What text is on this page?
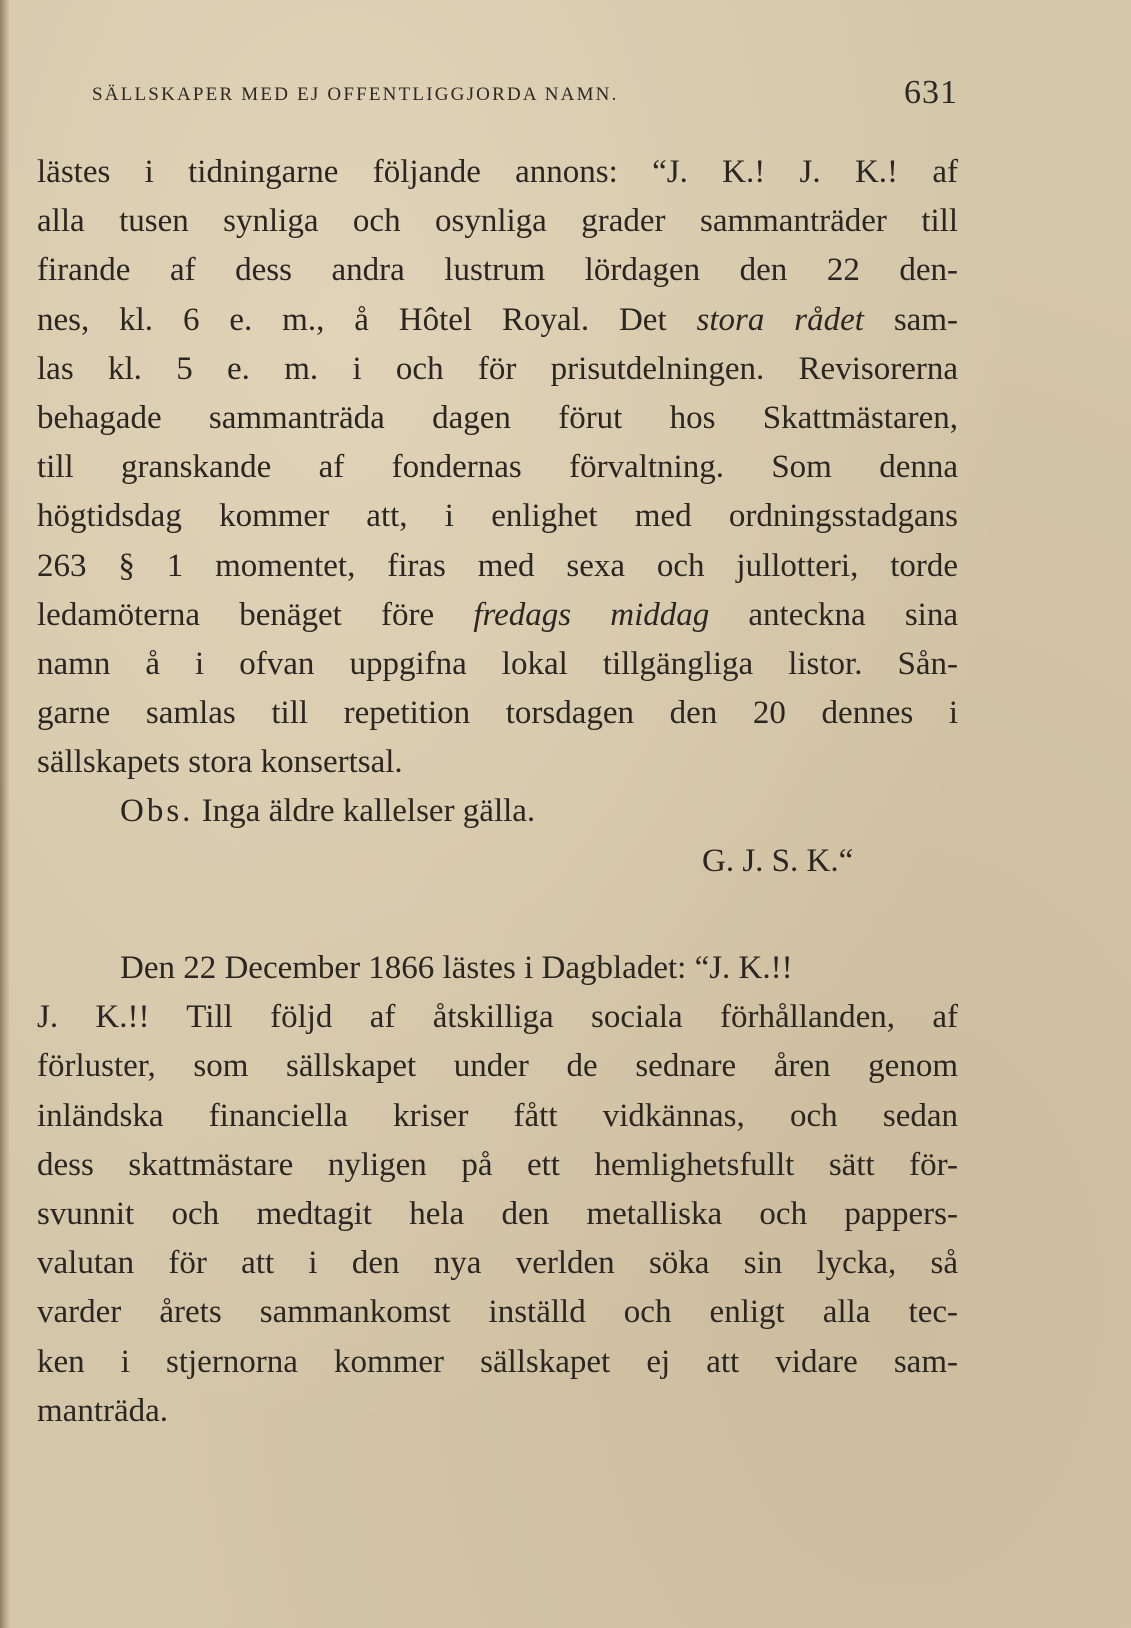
SÄLLSKAPER MED EJ OFFENTLIGGJORDA NAMN.	631
lästes i tidningarne följande annons: “J. K.! J. K.! af
alla tusen synliga och osynliga grader sammanträder till
firande af dess andra lustrum lördagen den 22 den-
nes, kl. 6 e. m., å Hôtel Royal. Det stora rådet sam-
las kl. 5 e. m. i och för prisutdelningen. Revisorerna
behagade sammanträda dagen förut hos Skattmästaren,
till granskande af fondernas förvaltning. Som denna
högtidsdag kommer att, i enlighet med ordningsstadgans
263 § 1 momentet, firas med sexa och jullotteri, torde
ledamöterna benäget före fredags middag anteckna sina
namn å i ofvan uppgifna lokal tillgängliga listor. Sån-
garne samlas till repetition torsdagen den 20 dennes i
sällskapets stora konsertsal.
Obs. Inga äldre kallelser gälla.
G. J. S. K.“
Den 22 December 1866 lästes i Dagbladet: “J. K.!!
J. K.!! Till följd af åtskilliga sociala förhållanden, af
förluster, som sällskapet under de sednare åren genom
inländska financiella kriser fått vidkännas, och sedan
dess skattmästare nyligen på ett hemlighetsfullt sätt för-
svunnit och medtagit hela den metalliska och pappers-
valutan för att i den nya verlden söka sin lycka, så
varder årets sammankomst inställd och enligt alla tec-
ken i stjernorna kommer sällskapet ej att vidare sam-
manträda.
